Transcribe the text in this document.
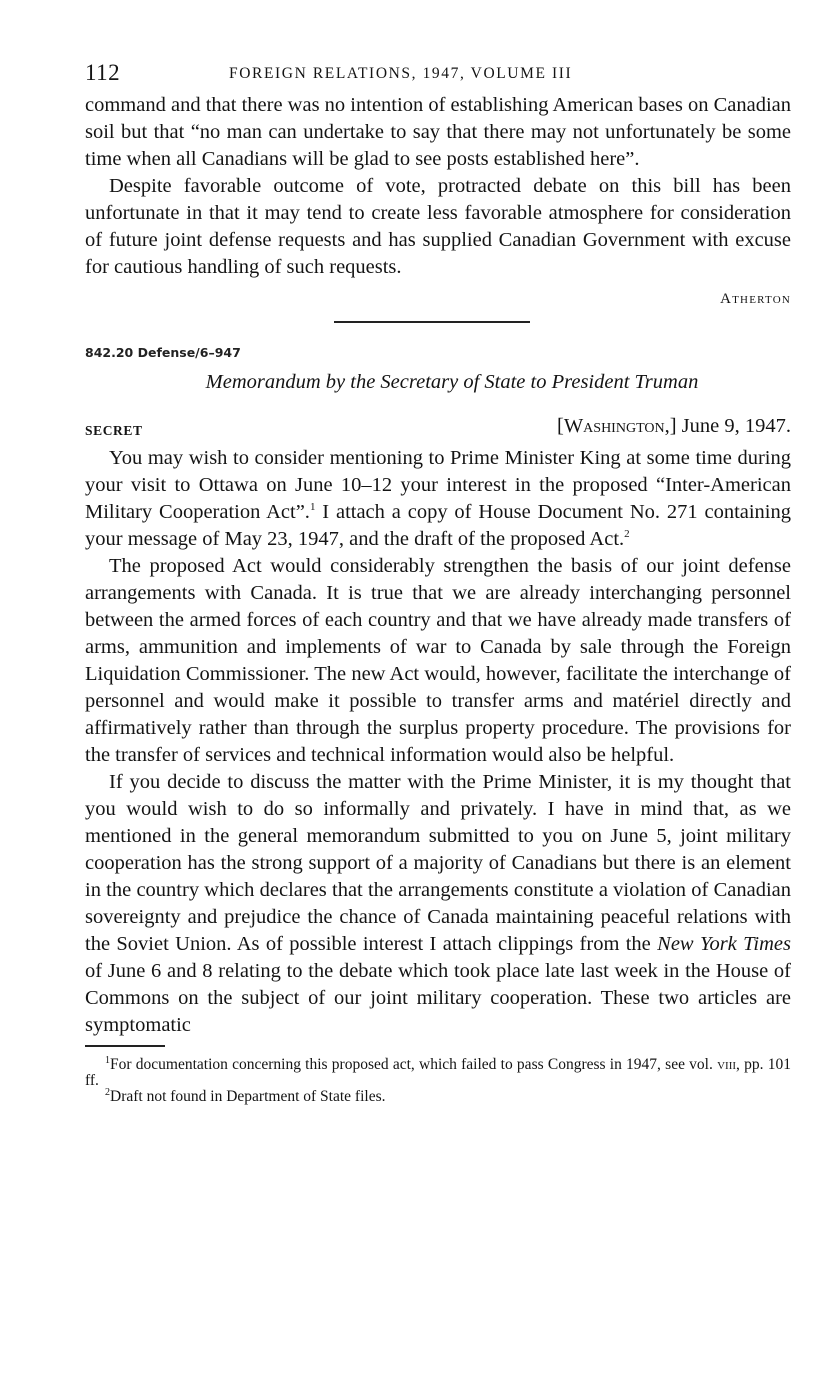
112	FOREIGN RELATIONS, 1947, VOLUME III

command and that there was no intention of establishing American bases on Canadian soil but that “no man can undertake to say that there may not unfortunately be some time when all Canadians will be glad to see posts established here”.

Despite favorable outcome of vote, protracted debate on this bill has been unfortunate in that it may tend to create less favorable atmosphere for consideration of future joint defense requests and has supplied Canadian Government with excuse for cautious handling of such requests.

Atherton
842.20 Defense/6–947
Memorandum by the Secretary of State to President Truman
SECRET	[Washington,] June 9, 1947.

You may wish to consider mentioning to Prime Minister King at some time during your visit to Ottawa on June 10–12 your interest in the proposed “Inter-American Military Cooperation Act”.$^1$ I attach a copy of House Document No. 271 containing your message of May 23, 1947, and the draft of the proposed Act.$^2$

The proposed Act would considerably strengthen the basis of our joint defense arrangements with Canada. It is true that we are already interchanging personnel between the armed forces of each country and that we have already made transfers of arms, ammunition and implements of war to Canada by sale through the Foreign Liquidation Commissioner. The new Act would, however, facilitate the interchange of personnel and would make it possible to transfer arms and matériel directly and affirmatively rather than through the surplus property procedure. The provisions for the transfer of services and technical information would also be helpful.

If you decide to discuss the matter with the Prime Minister, it is my thought that you would wish to do so informally and privately. I have in mind that, as we mentioned in the general memorandum submitted to you on June 5, joint military cooperation has the strong support of a majority of Canadians but there is an element in the country which declares that the arrangements constitute a violation of Canadian sovereignty and prejudice the chance of Canada maintaining peaceful relations with the Soviet Union. As of possible interest I attach clippings from the New York Times of June 6 and 8 relating to the debate which took place late last week in the House of Commons on the subject of our joint military cooperation. These two articles are symptomatic

$^1$For documentation concerning this proposed act, which failed to pass Congress in 1947, see vol. viii, pp. 101 ff.

$^2$Draft not found in Department of State files.
